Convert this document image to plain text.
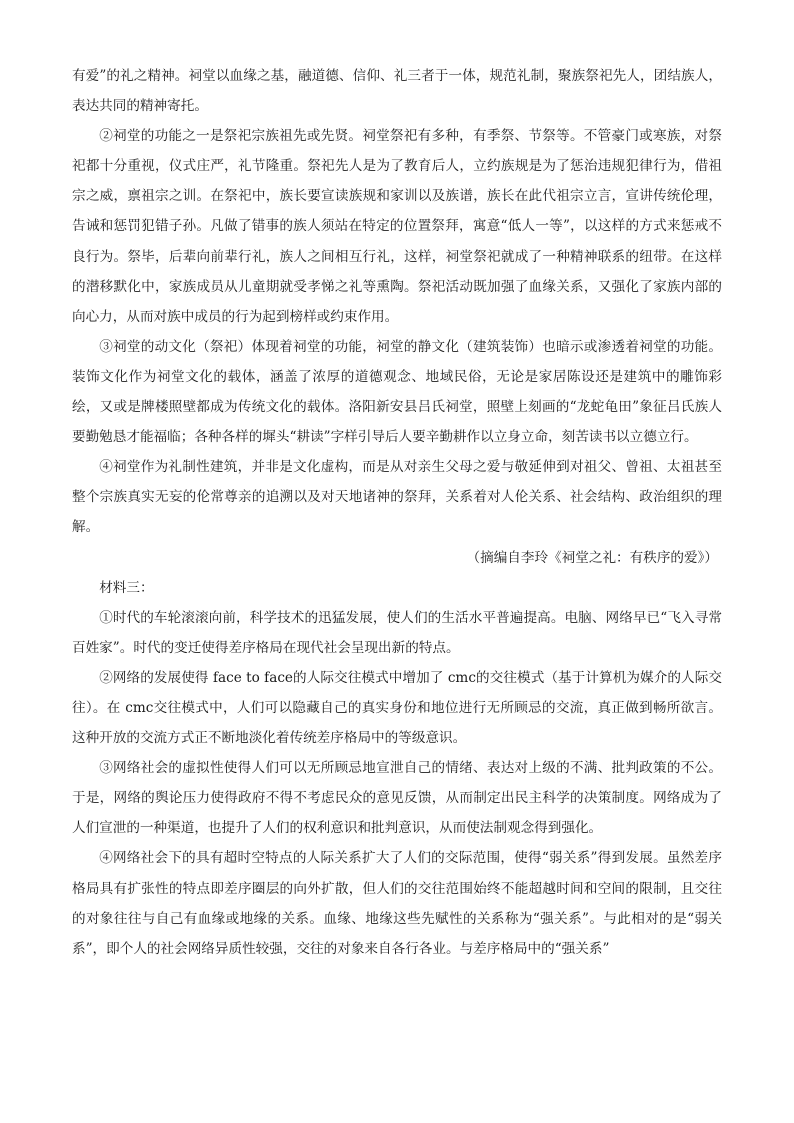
有爱”的礼之精神。祠堂以血缘之基，融道德、信仰、礼三者于一体，规范礼制，聚族祭祀先人，团结族人，表达共同的精神寄托。

②祠堂的功能之一是祭祀宗族祖先或先贤。祠堂祭祀有多种，有季祭、节祭等。不管豪门或寒族，对祭祀都十分重视，仪式庄严，礼节隆重。祭祀先人是为了教育后人，立约族规是为了惩治违规犯律行为，借祖宗之威，禀祖宗之训。在祭祀中，族长要宣读族规和家训以及族谱，族长在此代祖宗立言，宣讲传统伦理，告诫和惩罚犯错子孙。凡做了错事的族人须站在特定的位置祭拜，寓意“低人一等”，以这样的方式来惩戒不良行为。祭毕，后辈向前辈行礼，族人之间相互行礼，这样，祠堂祭祀就成了一种精神联系的纽带。在这样的潜移默化中，家族成员从儿童期就受孝悌之礼等熏陶。祭祀活动既加强了血缘关系，又强化了家族内部的向心力，从而对族中成员的行为起到榜样或约束作用。

③祠堂的动文化（祭祀）体现着祠堂的功能，祠堂的静文化（建筑装饰）也暗示或渗透着祠堂的功能。装饰文化作为祠堂文化的载体，涵盖了浓厚的道德观念、地域民俗，无论是家居陈设还是建筑中的雕饰彩绘，又或是牌楼照壁都成为传统文化的载体。洛阳新安县吕氏祠堂，照壁上刻画的“龙蛇龟田”象征吕氏族人要勤勉恳才能福临；各种各样的墀头“耕读”字样引导后人要辛勤耕作以立身立命，刻苦读书以立德立行。

④祠堂作为礼制性建筑，并非是文化虚构，而是从对亲生父母之爱与敬延伸到对祖父、曾祖、太祖甚至整个宗族真实无妄的伦常尊亲的追溯以及对天地诸神的祭拜，关系着对人伦关系、社会结构、政治组织的理解。

（摘编自李玲《祠堂之礼：有秩序的爱》）

材料三：

①时代的车轮滚滚向前，科学技术的迅猛发展，使人们的生活水平普遍提高。电脑、网络早已“飞入寻常百姓家”。时代的变迁使得差序格局在现代社会呈现出新的特点。

②网络的发展使得 face to face的人际交往模式中增加了 cmc的交往模式（基于计算机为媒介的人际交往）。在 cmc交往模式中，人们可以隐藏自己的真实身份和地位进行无所顾忌的交流，真正做到畅所欲言。这种开放的交流方式正不断地淡化着传统差序格局中的等级意识。

③网络社会的虚拟性使得人们可以无所顾忌地宣泄自己的情绪、表达对上级的不满、批判政策的不公。于是，网络的舆论压力使得政府不得不考虑民众的意见反馈，从而制定出民主科学的决策制度。网络成为了人们宣泄的一种渠道，也提升了人们的权利意识和批判意识，从而使法制观念得到强化。

④网络社会下的具有超时空特点的人际关系扩大了人们的交际范围，使得“弱关系”得到发展。虽然差序格局具有扩张性的特点即差序圈层的向外扩散，但人们的交往范围始终不能超越时间和空间的限制，且交往的对象往往与自己有血缘或地缘的关系。血缘、地缘这些先赋性的关系称为“强关系”。与此相对的是“弱关系”，即个人的社会网络异质性较强，交往的对象来自各行各业。与差序格局中的“强关系”
